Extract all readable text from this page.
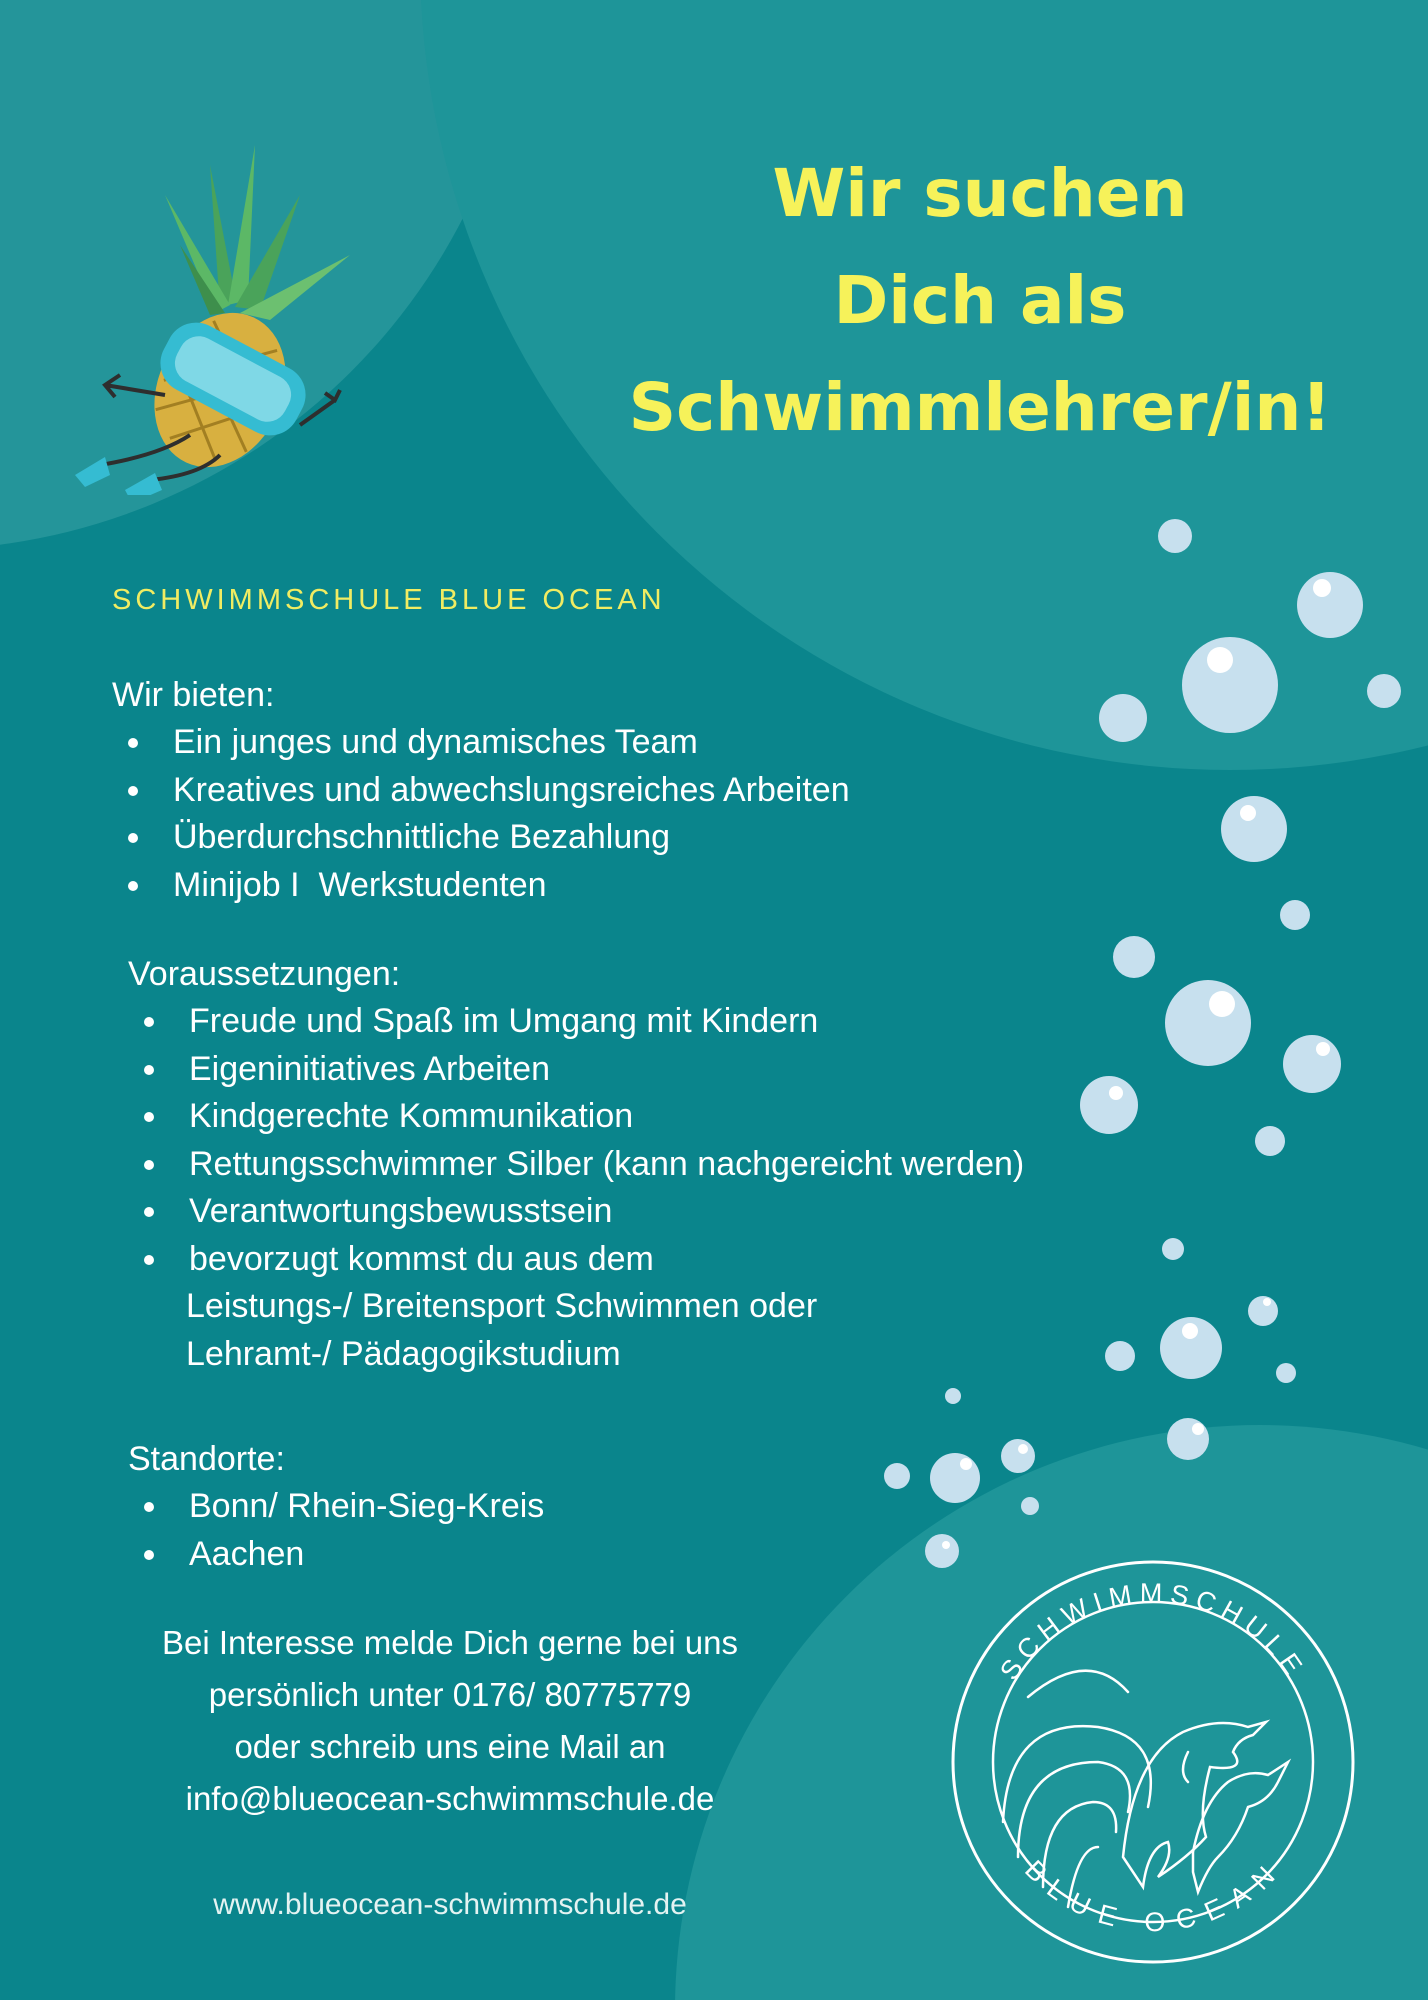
Wir suchen
Dich als
Schwimmlehrer/in!
SCHWIMMSCHULE BLUE OCEAN

Wir bieten:

Ein junges und dynamisches Team
Kreatives und abwechslungsreiches Arbeiten
Überdurchschnittliche Bezahlung
Minijob I  Werkstudenten

Voraussetzungen:

Freude und Spaß im Umgang mit Kindern
Eigeninitiatives Arbeiten
Kindgerechte Kommunikation
Rettungsschwimmer Silber (kann nachgereicht werden)
Verantwortungsbewusstsein
bevorzugt kommst du aus dem
Leistungs-/ Breitensport Schwimmen oder
Lehramt-/ Pädagogikstudium

Standorte:

Bonn/ Rhein-Sieg-Kreis
Aachen

Bei Interesse melde Dich gerne bei uns

persönlich unter 0176/ 80775779

oder schreib uns eine Mail an

info@blueocean-schwimmschule.de

www.blueocean-schwimmschule.de

SCHWIMMSCHULE
BLUE OCEAN
